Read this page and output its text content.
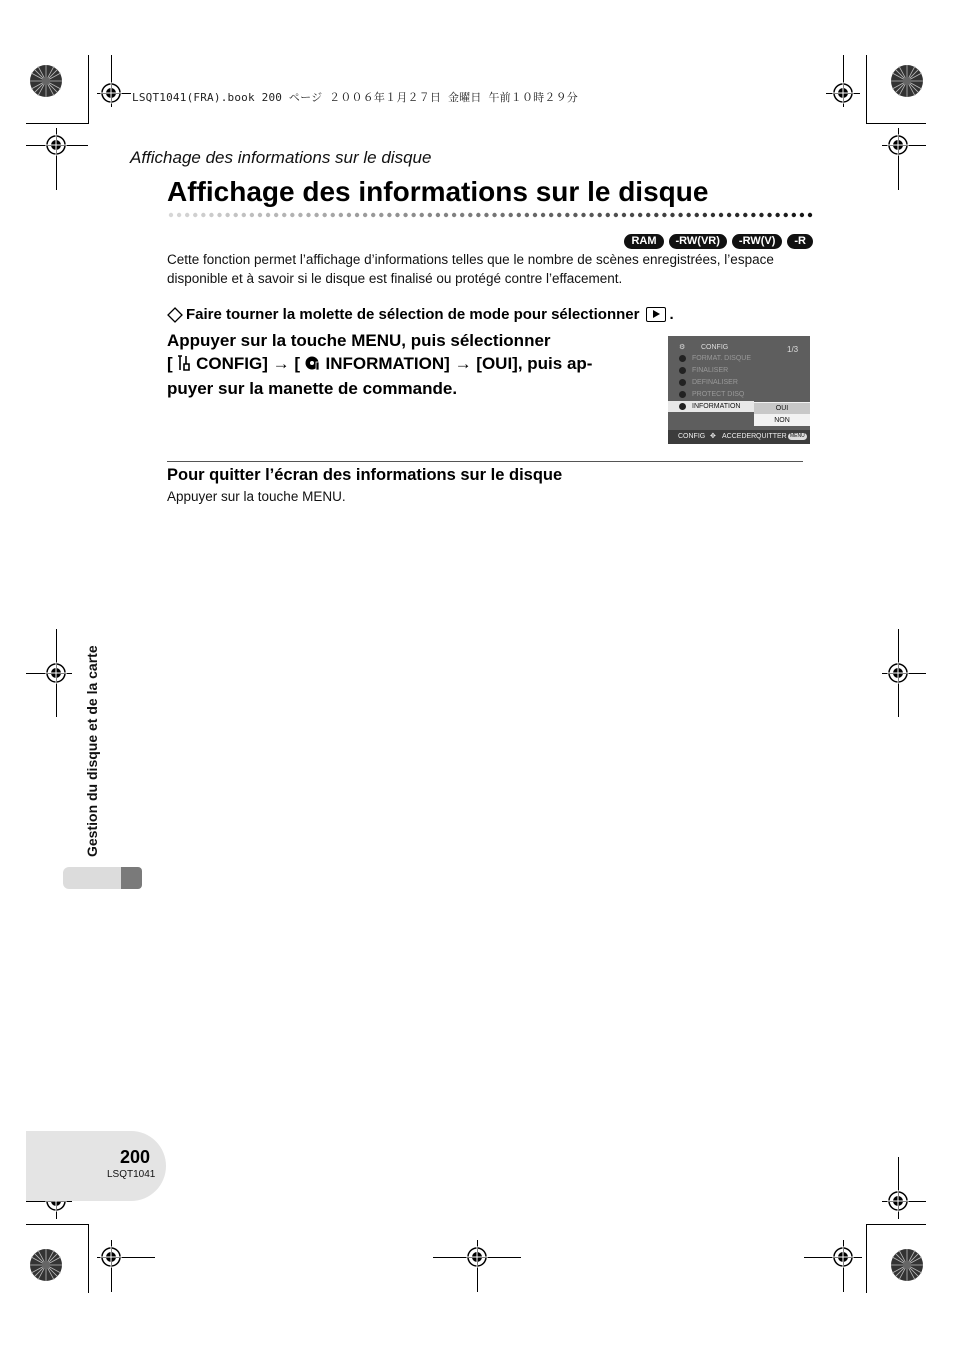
LSQT1041(FRA).book 200 ページ ２００６年１月２７日 金曜日 午前１０時２９分
Affichage des informations sur le disque
Affichage des informations sur le disque
RAM	-RW(VR)	-RW(V)	-R
Cette fonction permet l’affichage d’informations telles que le nombre de scènes enregistrées, l’espace disponible et à savoir si le disque est finalisé ou protégé contre l’effacement.
Faire tourner la molette de sélection de mode pour sélectionner .
Appuyer sur la touche MENU, puis sélectionner
[  CONFIG] → [  INFORMATION] → [OUI], puis ap-
puyer sur la manette de commande.
⚙ CONFIG	1/3
FORMAT. DISQUE
FINALISER
DEFINALISER
PROTECT DISQ
INFORMATION	OUI
NON
CONFIG ✥ ACCEDER QUITTER MENU
Pour quitter l’écran des informations sur le disque
Appuyer sur la touche MENU.
Gestion du disque et de la carte
200
LSQT1041
